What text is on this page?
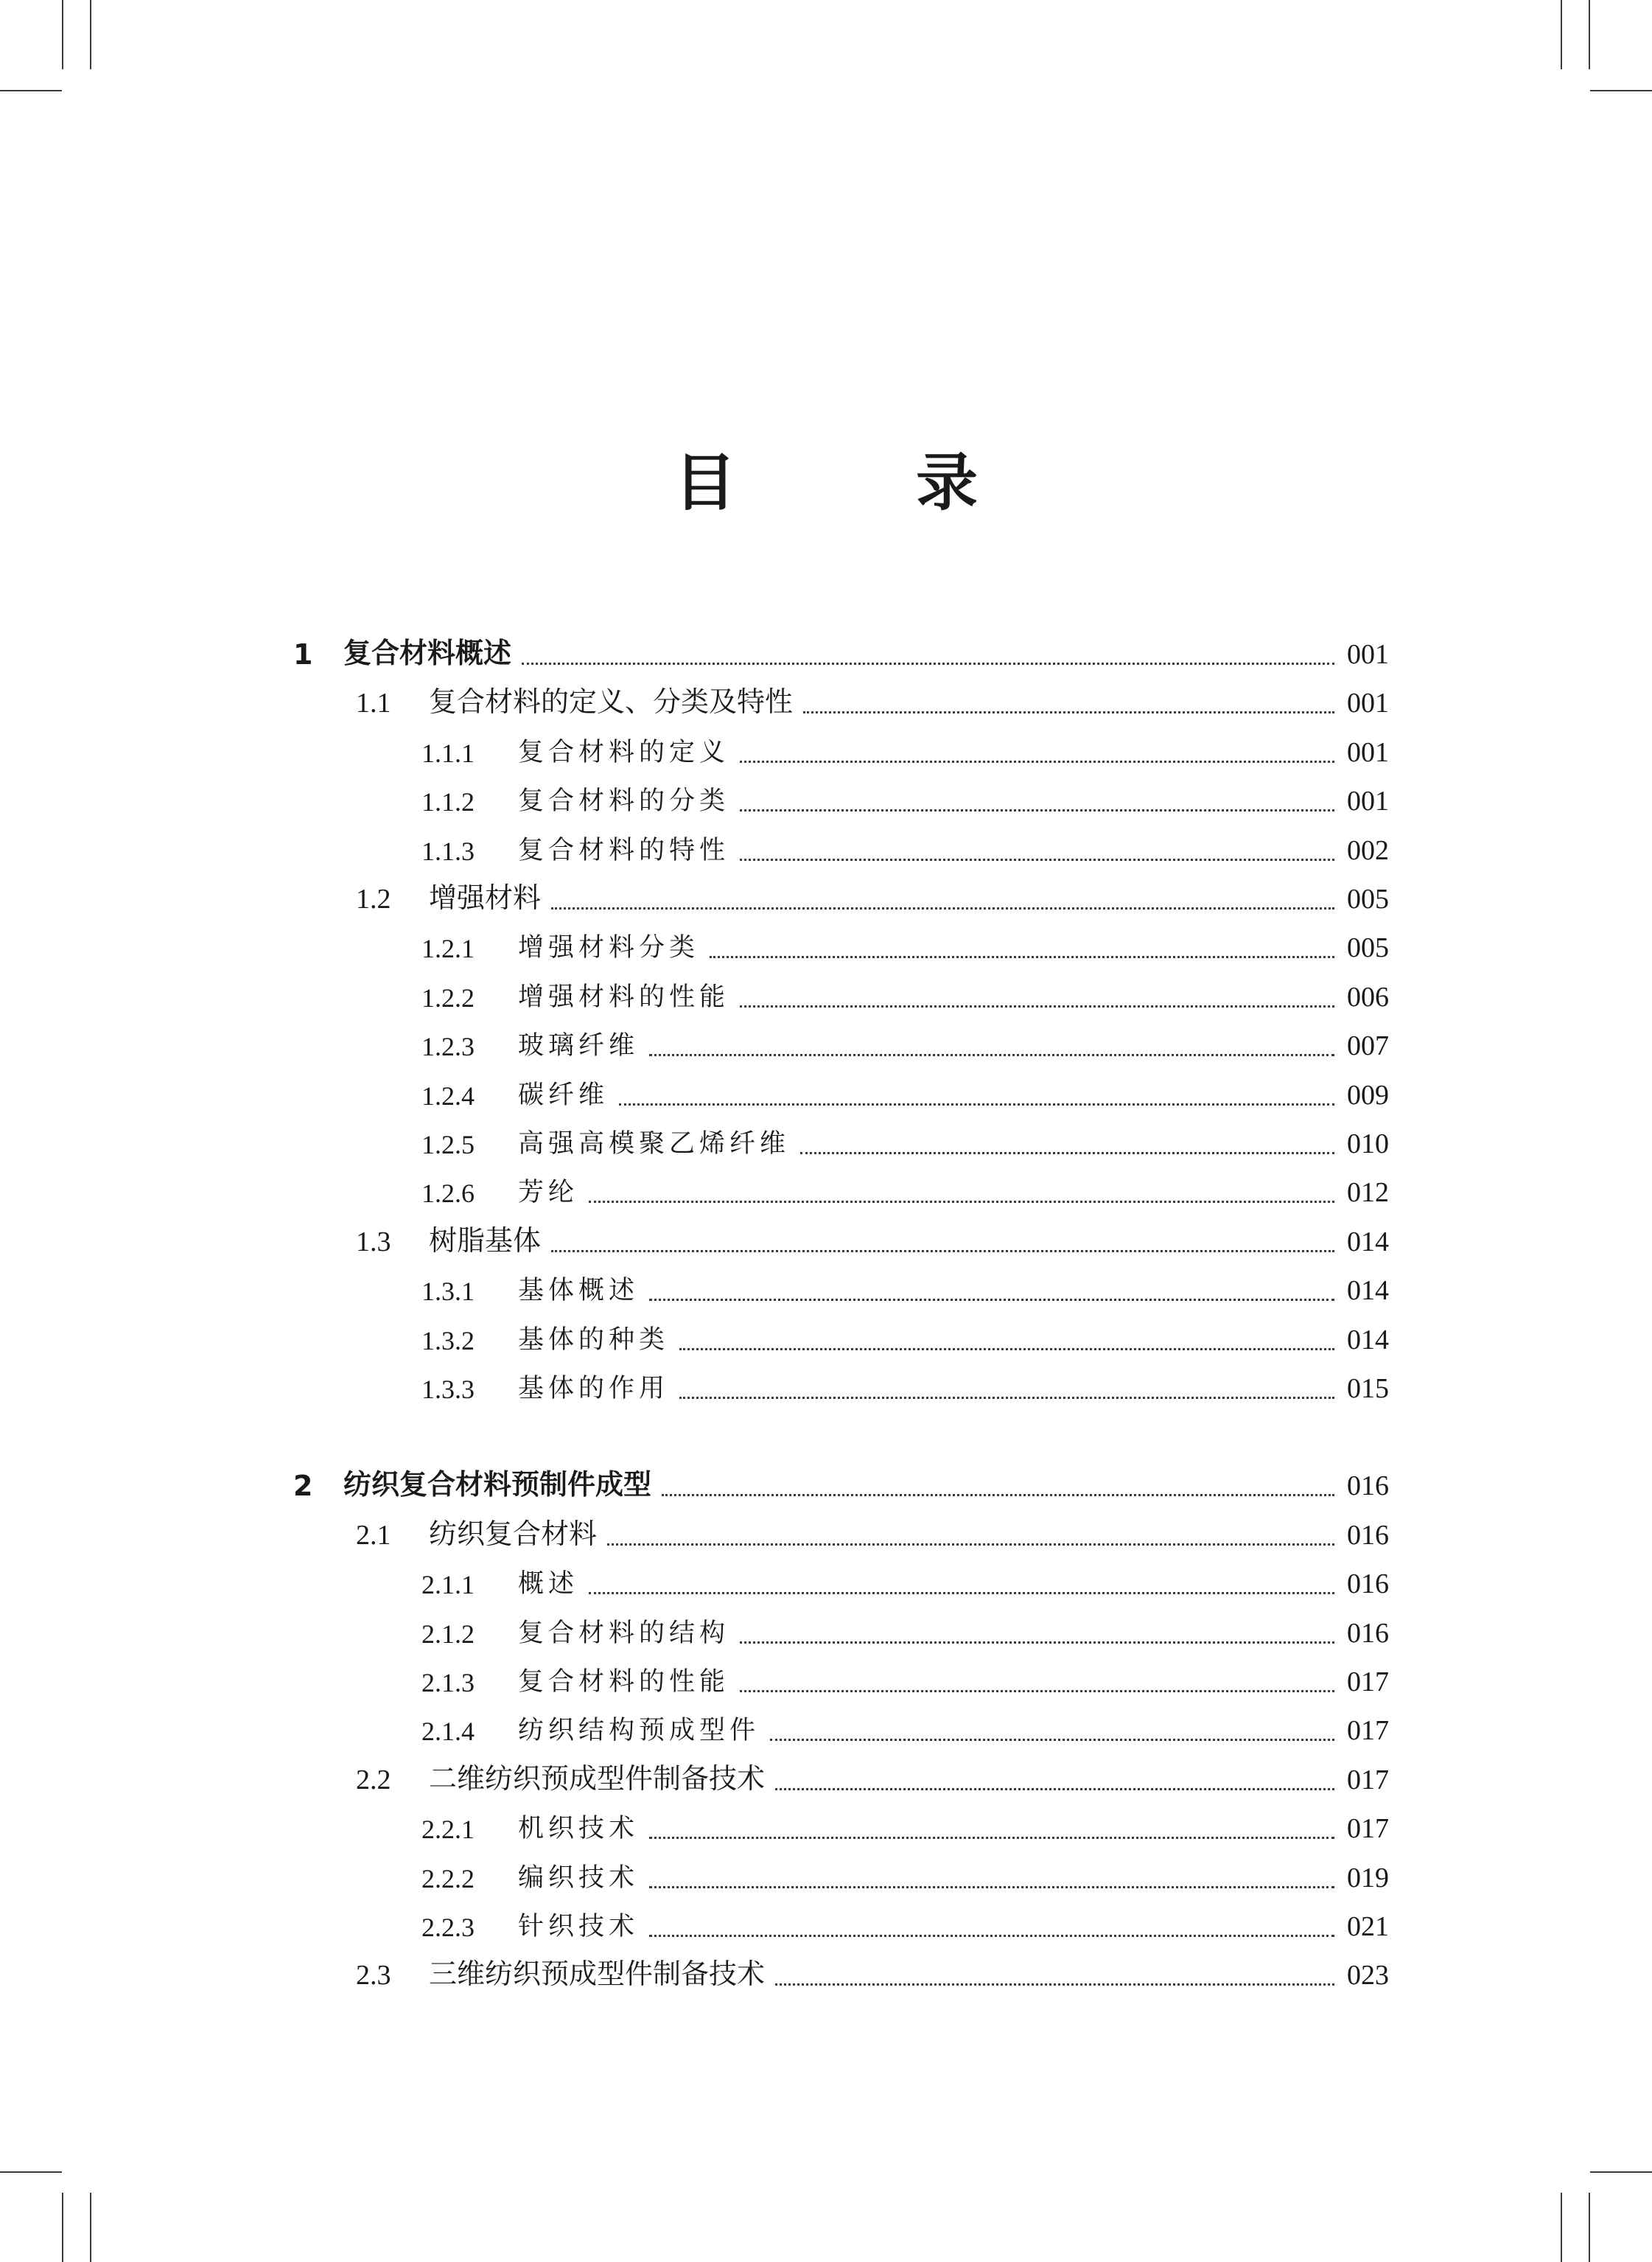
目　录
1 复合材料概述	001
1.1 复合材料的定义、分类及特性	001
1.1.1 复合材料的定义	001
1.1.2 复合材料的分类	001
1.1.3 复合材料的特性	002
1.2 增强材料	005
1.2.1 增强材料分类	005
1.2.2 增强材料的性能	006
1.2.3 玻璃纤维	007
1.2.4 碳纤维	009
1.2.5 高强高模聚乙烯纤维	010
1.2.6 芳纶	012
1.3 树脂基体	014
1.3.1 基体概述	014
1.3.2 基体的种类	014
1.3.3 基体的作用	015
2 纺织复合材料预制件成型	016
2.1 纺织复合材料	016
2.1.1 概述	016
2.1.2 复合材料的结构	016
2.1.3 复合材料的性能	017
2.1.4 纺织结构预成型件	017
2.2 二维纺织预成型件制备技术	017
2.2.1 机织技术	017
2.2.2 编织技术	019
2.2.3 针织技术	021
2.3 三维纺织预成型件制备技术	023
